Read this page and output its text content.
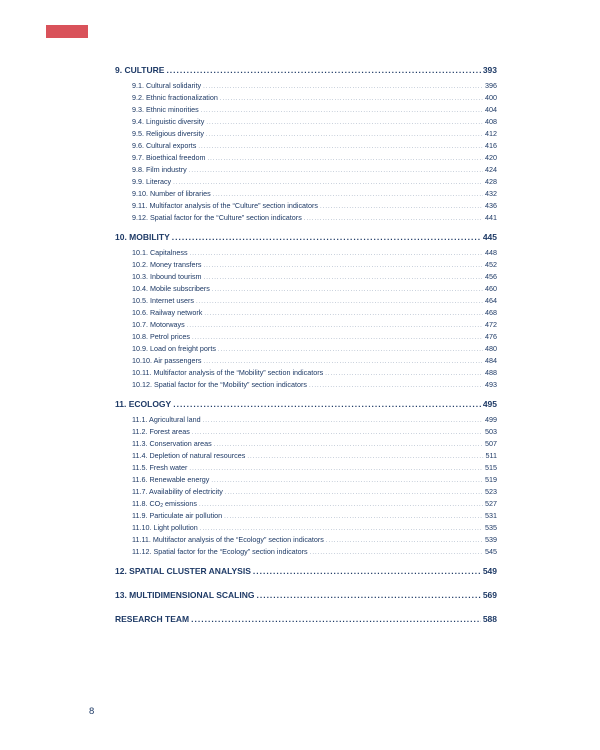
9. CULTURE .....	393
9.1. Cultural solidarity .....	396
9.2. Ethnic fractionalization .....	400
9.3. Ethnic minorities .....	404
9.4. Linguistic diversity .....	408
9.5. Religious diversity .....	412
9.6. Cultural exports .....	416
9.7. Bioethical freedom .....	420
9.8. Film industry .....	424
9.9. Literacy .....	428
9.10. Number of libraries .....	432
9.11. Multifactor analysis of the “Culture” section indicators .....	436
9.12. Spatial factor for the “Culture” section indicators .....	441
10. MOBILITY .....	445
10.1. Capitalness .....	448
10.2. Money transfers .....	452
10.3. Inbound tourism .....	456
10.4. Mobile subscribers .....	460
10.5. Internet users .....	464
10.6. Railway network .....	468
10.7. Motorways .....	472
10.8. Petrol prices .....	476
10.9. Load on freight ports .....	480
10.10. Air passengers .....	484
10.11. Multifactor analysis of the “Mobility” section indicators .....	488
10.12. Spatial factor for the “Mobility” section indicators .....	493
11. ECOLOGY .....	495
11.1. Agricultural land .....	499
11.2. Forest areas .....	503
11.3. Conservation areas .....	507
11.4. Depletion of natural resources .....	511
11.5. Fresh water .....	515
11.6. Renewable energy .....	519
11.7. Availability of electricity .....	523
11.8. $CO_2$ emissions .....	527
11.9. Particulate air pollution .....	531
11.10. Light pollution .....	535
11.11. Multifactor analysis of the “Ecology” section indicators .....	539
11.12. Spatial factor for the “Ecology” section indicators .....	545
12. SPATIAL CLUSTER ANALYSIS .....	549
13. MULTIDIMENSIONAL SCALING .....	569
RESEARCH TEAM .....	588
8
